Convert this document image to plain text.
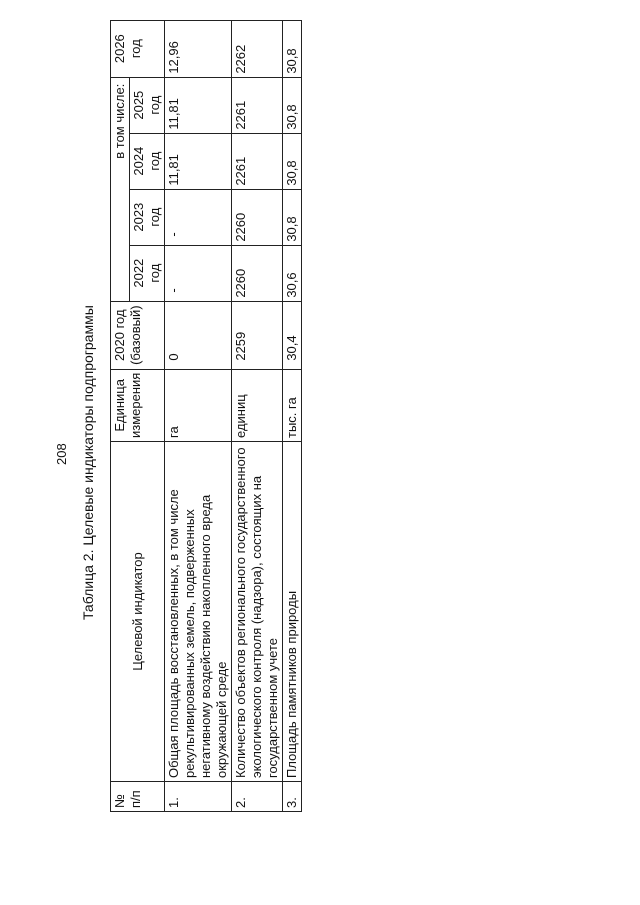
208 Таблица 2. Целевые индикаторы подпрограммы
№ п/п	Целевой индикатор	Единица измерения	2020 год (базовый)	в том числе:				2026 год
				2022 год	2023 год	2024 год	2025 год	
1.	Общая площадь восстановленных, в том числе рекультивированных земель, подверженных негативному воздействию накопленного вреда окружающей среде	га	0	-	-	11,81	11,81	12,96
2.	Количество объектов регионального государственного экологического контроля (надзора), состоящих на государственном учете	единиц	2259	2260	2260	2261	2261	2262
3.	Площадь памятников природы	тыс. га	30,4	30,6	30,8	30,8	30,8	30,8
